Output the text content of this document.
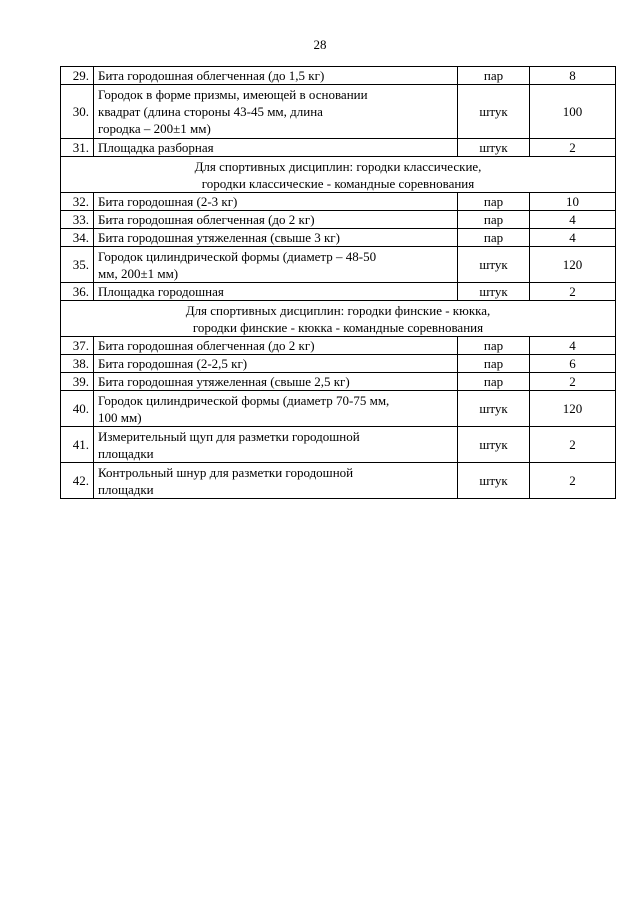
28
29.	Бита городошная облегченная (до 1,5 кг)	пар	8
30.	Городок в форме призмы, имеющей в основании
квадрат (длина стороны 43-45 мм, длина
городка – 200±1 мм)	штук	100
31.	Площадка разборная	штук	2

Для спортивных дисциплин: городки классические,
городки классические - командные соревнования			

32.	Бита городошная (2-3 кг)	пар	10
33.	Бита городошная облегченная (до 2 кг)	пар	4
34.	Бита городошная утяжеленная (свыше 3 кг)	пар	4
35.	Городок цилиндрической формы (диаметр – 48-50
мм, 200±1 мм)	штук	120
36.	Площадка городошная	штук	2

Для спортивных дисциплин: городки финские - кюкка,
городки финские - кюкка - командные соревнования			

37.	Бита городошная облегченная (до 2 кг)	пар	4
38.	Бита городошная (2-2,5 кг)	пар	6
39.	Бита городошная утяжеленная (свыше 2,5 кг)	пар	2
40.	Городок цилиндрической формы (диаметр 70-75 мм,
100 мм)	штук	120
41.	Измерительный щуп для разметки городошной
площадки	штук	2
42.	Контрольный шнур для разметки городошной
площадки	штук	2
